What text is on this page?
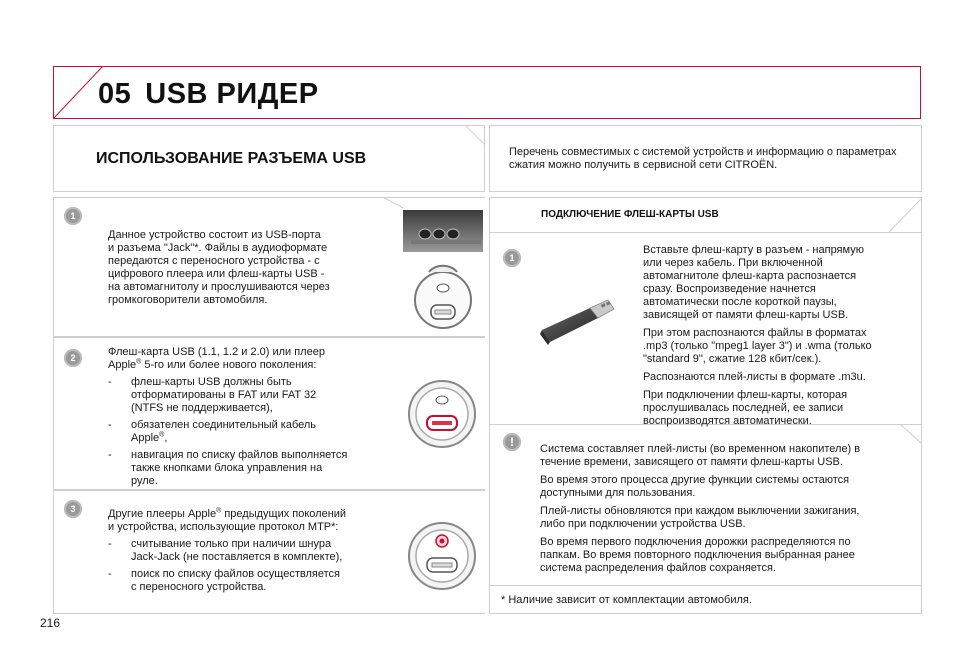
05 USB РИДЕР
ИСПОЛЬЗОВАНИЕ РАЗЪЕМА USB	Перечень совместимых с системой устройств и информацию о параметрах сжатия можно получить в сервисной сети CITROËN.
1
Данное устройство состоит из USB-порта
и разъема "Jack"*. Файлы в аудиоформате
передаются с переносного устройства - с
цифрового плеера или флеш-карты USB -
на автомагнитолу и прослушиваются через
громкоговорители автомобиля.
2	Флеш-карта USB (1.1, 1.2 и 2.0) или плеер
Apple® 5-го или более нового поколения:
- флеш-карты USB должны быть
отформатированы в FAT или FAT 32
(NTFS не поддерживается),
- обязателен соединительный кабель
Apple®,
- навигация по списку файлов выполняется
также кнопками блока управления на
руле.
3	Другие плееры Apple® предыдущих поколений
и устройства, использующие протокол MTP*:
- считывание только при наличии шнура
Jack-Jack (не поставляется в комплекте),
- поиск по списку файлов осуществляется
с переносного устройства.
ПОДКЛЮЧЕНИЕ ФЛЕШ-КАРТЫ USB
1

Вставьте флеш-карту в разъем - напрямую
или через кабель. При включенной
автомагнитоле флеш-карта распознается
сразу. Воспроизведение начнется
автоматически после короткой паузы,
зависящей от памяти флеш-карты USB.

При этом распознаются файлы в форматах
.mp3 (только "mpeg1 layer 3") и .wma (только
"standard 9", сжатие 128 кбит/сек.).

Распознаются плей-листы в формате .m3u.

При подключении флеш-карты, которая
прослушивалась последней, ее записи
воспроизводятся автоматически.

!	Система составляет плей-листы (во временном накопителе) в
течение времени, зависящего от памяти флеш-карты USB.

Во время этого процесса другие функции системы остаются
доступными для пользования.

Плей-листы обновляются при каждом выключении зажигания,
либо при подключении устройства USB.

Во время первого подключения дорожки распределяются по
папкам. Во время повторного подключения выбранная ранее
система распределения файлов сохраняется.

* Наличие зависит от комплектации автомобиля.
216
